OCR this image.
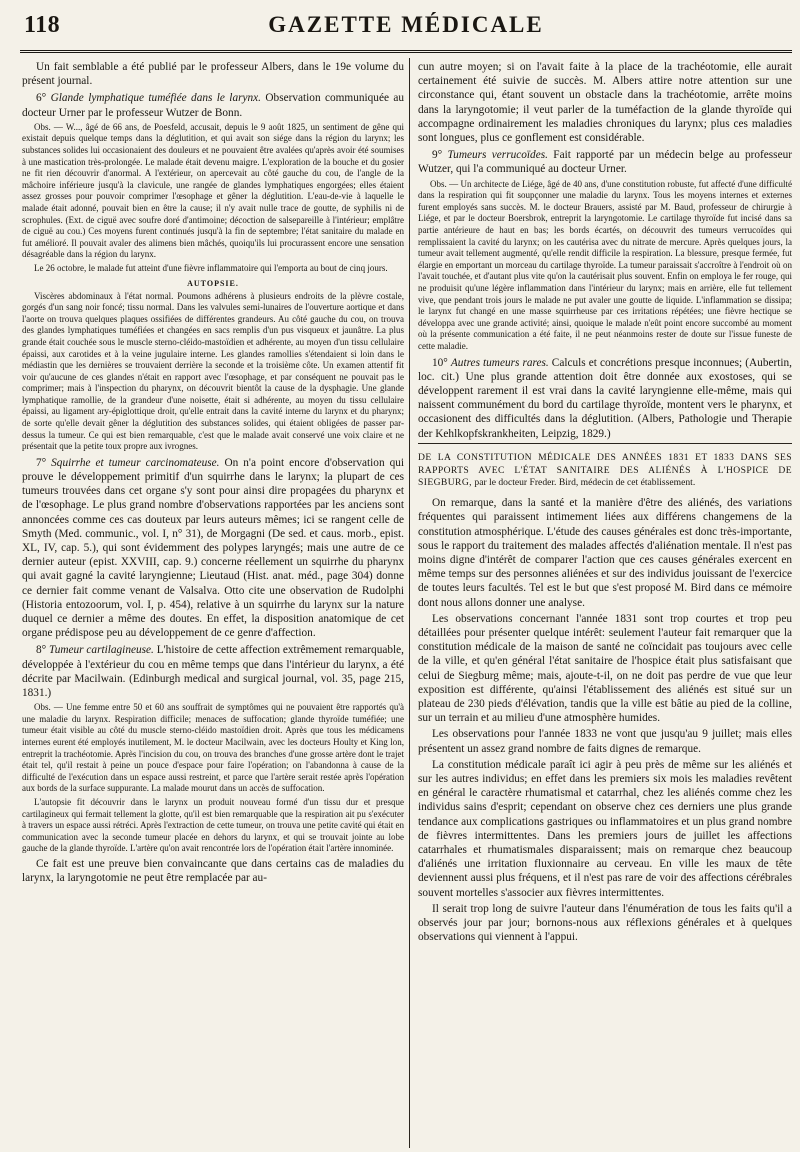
118	GAZETTE MÉDICALE

Un fait semblable a été publié par le professeur Albers, dans le 19e volume du présent journal.

6° Glande lymphatique tuméfiée dans le larynx. Observation communiquée au docteur Urner par le professeur Wutzer de Bonn.

Obs. — W..., âgé de 66 ans, de Poesfeld, accusait, depuis le 9 août 1825, un sentiment de gêne qui existait depuis quelque temps dans la déglutition, et qui avait son siége dans la région du larynx; les substances solides lui occasionaient des douleurs et ne pouvaient être avalées qu'après avoir été soumises à une mastication très-prolongée. Le malade était devenu maigre. L'exploration de la bouche et du gosier ne fit rien découvrir d'anormal. A l'extérieur, on apercevait au côté gauche du cou, de l'angle de la mâchoire inférieure jusqu'à la clavicule, une rangée de glandes lymphatiques engorgées; elles étaient assez grosses pour pouvoir comprimer l'œsophage et gêner la déglutition. L'eau-de-vie à laquelle le malade était adonné, pouvait bien en être la cause; il n'y avait nulle trace de goutte, de syphilis ni de scrophules. (Ext. de ciguë avec soufre doré d'antimoine; décoction de salsepareille à l'intérieur; emplâtre de ciguë au cou.) Ces moyens furent continués jusqu'à la fin de septembre; l'état sanitaire du malade en fut amélioré. Il pouvait avaler des alimens bien mâchés, quoiqu'ils lui procurassent encore une sensation désagréable dans la région du larynx.

Le 26 octobre, le malade fut atteint d'une fièvre inflammatoire qui l'emporta au bout de cinq jours.

AUTOPSIE.

Viscères abdominaux à l'état normal. Poumons adhérens à plusieurs endroits de la plèvre costale, gorgés d'un sang noir foncé; tissu normal. Dans les valvules semi-lunaires de l'ouverture aortique et dans l'aorte on trouva quelques plaques ossifiées de différentes grandeurs. Au côté gauche du cou, on trouva des glandes lymphatiques tuméfiées et changées en sacs remplis d'un pus visqueux et jaunâtre. La plus grande était couchée sous le muscle sterno-cléido-mastoïdien et adhérente, au moyen d'un tissu cellulaire épaissi, aux carotides et à la veine jugulaire interne. Les glandes ramollies s'étendaient si loin dans le médiastin que les dernières se trouvaient derrière la seconde et la troisième côte. Un examen attentif fit voir qu'aucune de ces glandes n'était en rapport avec l'œsophage, et par conséquent ne pouvait pas le comprimer; mais à l'inspection du pharynx, on découvrit bientôt la cause de la dysphagie. Une glande lymphatique ramollie, de la grandeur d'une noisette, était si adhérente, au moyen du tissu cellulaire épaissi, au ligament ary-épiglottique droit, qu'elle entrait dans la cavité interne du larynx et du pharynx; de sorte qu'elle devait gêner la déglutition des substances solides, qui étaient obligées de passer par-dessus la tumeur. Ce qui est bien remarquable, c'est que le malade avait conservé une voix claire et ne présentait que la petite toux propre aux ivrognes.

7° Squirrhe et tumeur carcinomateuse. On n'a point encore d'observation qui prouve le développement primitif d'un squirrhe dans le larynx; la plupart de ces tumeurs trouvées dans cet organe s'y sont pour ainsi dire propagées du pharynx et de l'œsophage. Le plus grand nombre d'observations rapportées par les anciens sont annoncées comme ces cas douteux par leurs auteurs mêmes; ici se rangent celle de Smyth (Med. communic., vol. I, n° 31), de Morgagni (De sed. et caus. morb., epist. XL, IV, cap. 5.), qui sont évidemment des polypes laryngés; mais une autre de ce dernier auteur (epist. XXVIII, cap. 9.) concerne réellement un squirrhe du pharynx qui avait gagné la cavité laryngienne; Lieutaud (Hist. anat. méd., page 304) donne ce dernier fait comme venant de Valsalva. Otto cite une observation de Rudolphi (Historia entozoorum, vol. I, p. 454), relative à un squirrhe du larynx sur la nature duquel ce dernier a même des doutes. En effet, la disposition anatomique de cet organe prédispose peu au développement de ce genre d'affection.

8° Tumeur cartilagineuse. L'histoire de cette affection extrêmement remarquable, développée à l'extérieur du cou en même temps que dans l'intérieur du larynx, a été décrite par Macilwain. (Edinburgh medical and surgical journal, vol. 35, page 215, 1831.)

Obs. — Une femme entre 50 et 60 ans souffrait de symptômes qui ne pouvaient être rapportés qu'à une maladie du larynx. Respiration difficile; menaces de suffocation; glande thyroïde tuméfiée; une tumeur était visible au côté du muscle sterno-cléido mastoïdien droit. Après que tous les médicamens internes eurent été employés inutilement, M. le docteur Macilwain, avec les docteurs Houlty et King lon, entreprit la trachéotomie. Après l'incision du cou, on trouva des branches d'une grosse artère dont le trajet était tel, qu'il restait à peine un pouce d'espace pour faire l'opération; on l'abandonna à cause de la difficulté de l'exécution dans un espace aussi restreint, et parce que l'artère serait restée après l'opération aux bords de la surface suppurante. La malade mourut dans un accès de suffocation.

L'autopsie fit découvrir dans le larynx un produit nouveau formé d'un tissu dur et presque cartilagineux qui fermait tellement la glotte, qu'il est bien remarquable que la respiration ait pu s'exécuter à travers un espace aussi rétréci. Après l'extraction de cette tumeur, on trouva une petite cavité qui était en communication avec la seconde tumeur placée en dehors du larynx, et qui se trouvait jointe au lobe gauche de la glande thyroïde. L'artère qu'on avait rencontrée lors de l'opération était l'artère innominée.

Ce fait est une preuve bien convaincante que dans certains cas de maladies du larynx, la laryngotomie ne peut être remplacée par au-

cun autre moyen; si on l'avait faite à la place de la trachéotomie, elle aurait certainement été suivie de succès. M. Albers attire notre attention sur une circonstance qui, étant souvent un obstacle dans la trachéotomie, arrête moins dans la laryngotomie; il veut parler de la tuméfaction de la glande thyroïde qui accompagne ordinairement les maladies chroniques du larynx; plus ces maladies sont longues, plus ce gonflement est considérable.

9° Tumeurs verrucoïdes. Fait rapporté par un médecin belge au professeur Wutzer, qui l'a communiqué au docteur Urner.

Obs. — Un architecte de Liége, âgé de 40 ans, d'une constitution robuste, fut affecté d'une difficulté dans la respiration qui fit soupçonner une maladie du larynx. Tous les moyens internes et externes furent employés sans succès. M. le docteur Brauers, assisté par M. Baud, professeur de chirurgie à Liége, et par le docteur Boersbrok, entreprit la laryngotomie. Le cartilage thyroïde fut incisé dans sa partie antérieure de haut en bas; les bords écartés, on découvrit des tumeurs verrucoïdes qui remplissaient la cavité du larynx; on les cautérisa avec du nitrate de mercure. Après quelques jours, la tumeur avait tellement augmenté, qu'elle rendit difficile la respiration. La blessure, presque fermée, fut élargie en emportant un morceau du cartilage thyroïde. La tumeur paraissait s'accroître à l'endroit où on l'avait touchée, et d'autant plus vite qu'on la cautérisait plus souvent. Enfin on employa le fer rouge, qui ne produisit qu'une légère inflammation dans l'intérieur du larynx; mais en arrière, elle fut tellement vive, que pendant trois jours le malade ne put avaler une goutte de liquide. L'inflammation se dissipa; le larynx fut changé en une masse squirrheuse par ces irritations répétées; une fièvre hectique se développa avec une grande activité; ainsi, quoique le malade n'eût point encore succombé au moment où la présente communication a été faite, il ne peut néanmoins rester de doute sur l'issue funeste de cette maladie.

10° Autres tumeurs rares. Calculs et concrétions presque inconnues; (Aubertin, loc. cit.) Une plus grande attention doit être donnée aux exostoses, qui se développent rarement il est vrai dans la cavité laryngienne elle-même, mais qui naissent communément du bord du cartilage thyroïde, montent vers le pharynx, et occasionent des difficultés dans la déglutition. (Albers, Pathologie und Therapie der Kehlkopfskrankheiten, Leipzig, 1829.)

DE LA CONSTITUTION MÉDICALE DES ANNÉES 1831 ET 1833 DANS SES RAPPORTS AVEC L'ÉTAT SANITAIRE DES ALIÉNÉS À L'HOSPICE DE SIEGBURG, par le docteur Freder. Bird, médecin de cet établissement.

On remarque, dans la santé et la manière d'être des aliénés, des variations fréquentes qui paraissent intimement liées aux différens changemens de la constitution atmosphérique. L'étude des causes générales est donc très-importante, sous le rapport du traitement des malades affectés d'aliénation mentale. Il n'est pas moins digne d'intérêt de comparer l'action que ces causes générales exercent en même temps sur des personnes aliénées et sur des individus jouissant de l'exercice de toutes leurs facultés. Tel est le but que s'est proposé M. Bird dans ce mémoire dont nous allons donner une analyse.

Les observations concernant l'année 1831 sont trop courtes et trop peu détaillées pour présenter quelque intérêt: seulement l'auteur fait remarquer que la constitution médicale de la maison de santé ne coïncidait pas toujours avec celle de la ville, et qu'en général l'état sanitaire de l'hospice était plus satisfaisant que celui de Siegburg même; mais, ajoute-t-il, on ne doit pas perdre de vue que leur exposition est différente, qu'ainsi l'établissement des aliénés est situé sur un plateau de 230 pieds d'élévation, tandis que la ville est bâtie au pied de la colline, sur un terrain et au milieu d'une atmosphère humides.

Les observations pour l'année 1833 ne vont que jusqu'au 9 juillet; mais elles présentent un assez grand nombre de faits dignes de remarque.

La constitution médicale paraît ici agir à peu près de même sur les aliénés et sur les autres individus; en effet dans les premiers six mois les maladies revêtent en général le caractère rhumatismal et catarrhal, chez les aliénés comme chez les individus sains d'esprit; cependant on observe chez ces derniers une plus grande tendance aux complications gastriques ou inflammatoires et un plus grand nombre de fièvres intermittentes. Dans les premiers jours de juillet les affections catarrhales et rhumatismales disparaissent; mais on remarque chez beaucoup d'aliénés une irritation fluxionnaire au cerveau. En ville les maux de tête deviennent aussi plus fréquens, et il n'est pas rare de voir des affections cérébrales souvent mortelles s'associer aux fièvres intermittentes.

Il serait trop long de suivre l'auteur dans l'énumération de tous les faits qu'il a observés jour par jour; bornons-nous aux réflexions générales et à quelques observations qui viennent à l'appui.
